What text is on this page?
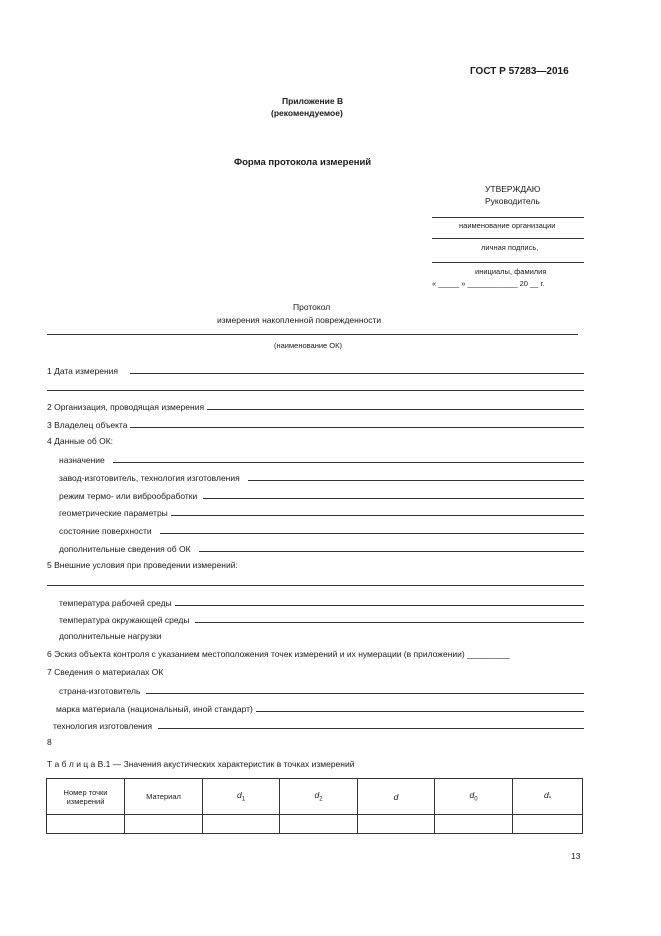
ГОСТ Р 57283—2016
Приложение В
(рекомендуемое)
Форма протокола измерений
УТВЕРЖДАЮ
Руководитель
наименование организации
личная подпись,
инициалы, фамилия
« _____ » ____________ 20 __ г.
Протокол
измерения накопленной поврежденности
(наименование ОК)
1 Дата измерения
2 Организация, проводящая измерения
3 Владелец объекта
4 Данные об ОК:
назначение
завод-изготовитель, технология изготовления
режим термо- или виброобработки
геометрические параметры
состояние поверхности
дополнительные сведения об ОК
5 Внешние условия при проведении измерений:
температура рабочей среды
температура окружающей среды
дополнительные нагрузки
6 Эскиз объекта контроля с указанием местоположения точек измерений и их нумерации (в приложении) _________
7 Сведения о материалах ОК
страна-изготовитель
марка материала (национальный, иной стандарт)
технология изготовления
8
Т а б л и ц а В.1 — Значения акустических характеристик в точках измерений
Номер точки
измерений	Материал	$d_1$	$d_2$	d	$d_0$	$d_*$

13
